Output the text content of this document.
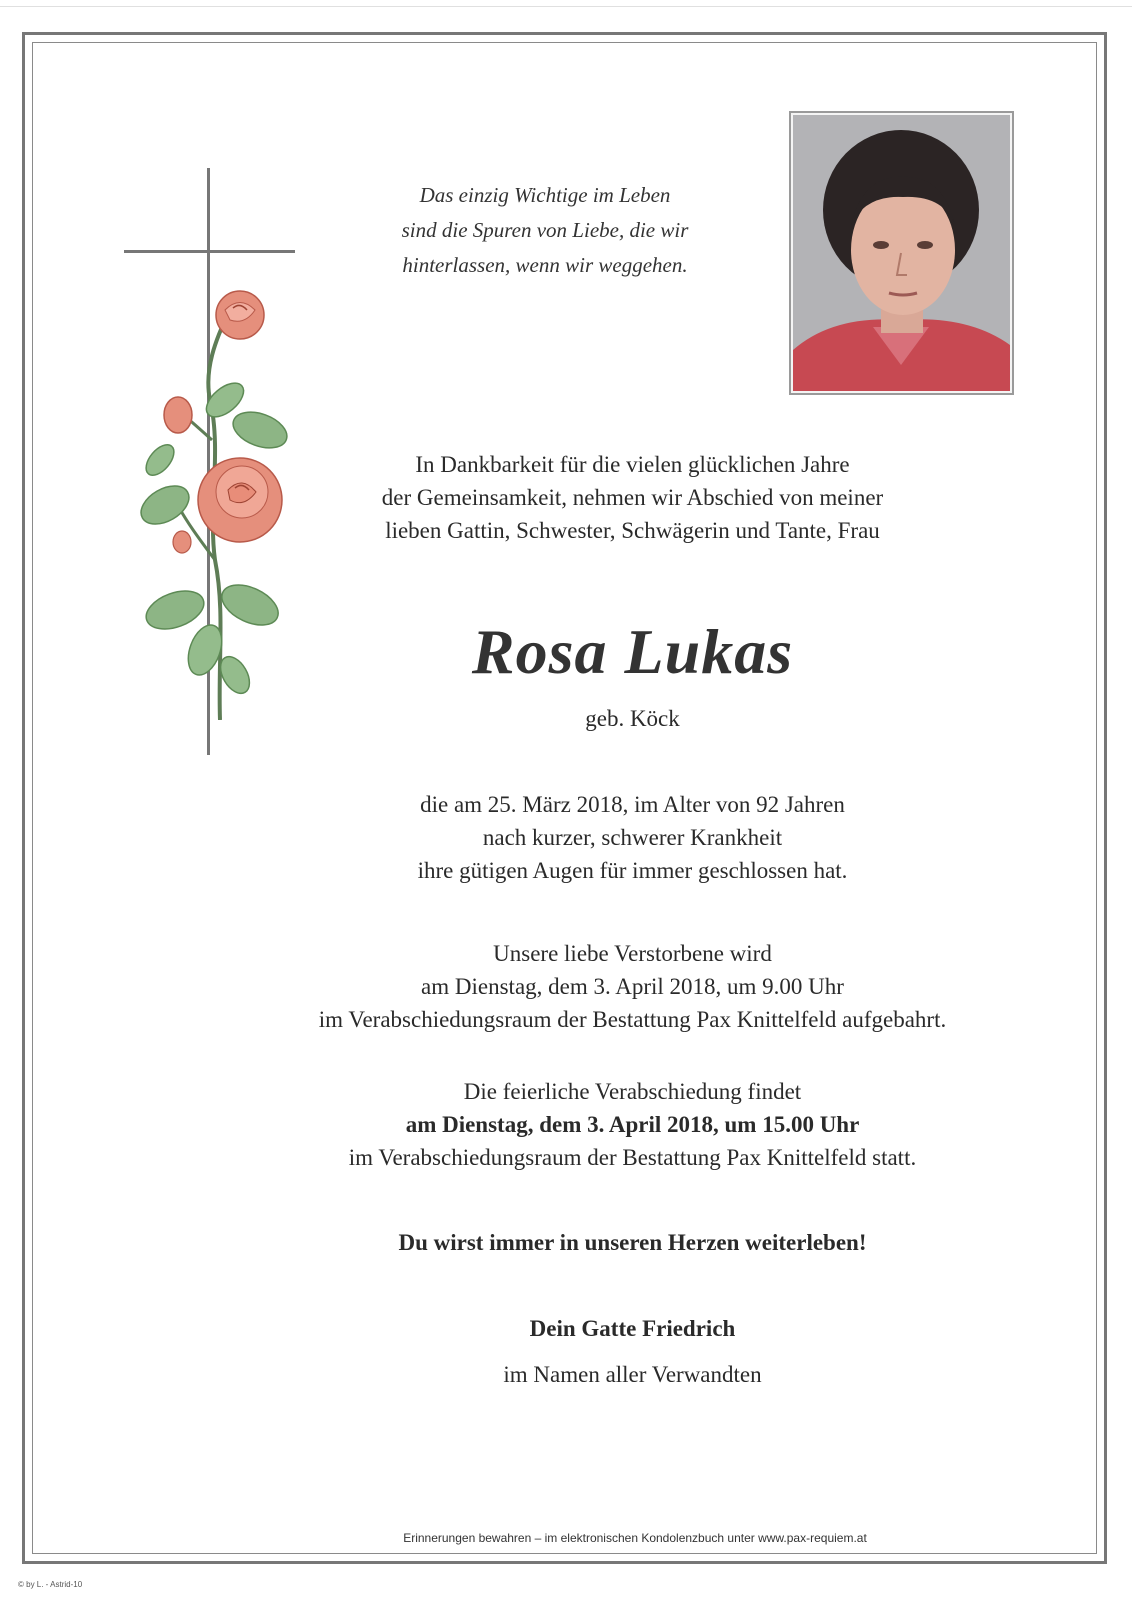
Das einzig Wichtige im Leben
sind die Spuren von Liebe, die wir
hinterlassen, wenn wir weggehen.
In Dankbarkeit für die vielen glücklichen Jahre
der Gemeinsamkeit, nehmen wir Abschied von meiner
lieben Gattin, Schwester, Schwägerin und Tante, Frau
Rosa Lukas
geb. Köck
die am 25. März 2018, im Alter von 92 Jahren
nach kurzer, schwerer Krankheit
ihre gütigen Augen für immer geschlossen hat.
Unsere liebe Verstorbene wird
am Dienstag, dem 3. April 2018, um 9.00 Uhr
im Verabschiedungsraum der Bestattung Pax Knittelfeld aufgebahrt.
Die feierliche Verabschiedung findet
am Dienstag, dem 3. April 2018, um 15.00 Uhr
im Verabschiedungsraum der Bestattung Pax Knittelfeld statt.
Du wirst immer in unseren Herzen weiterleben!
Dein Gatte Friedrich
im Namen aller Verwandten
Erinnerungen bewahren – im elektronischen Kondolenzbuch unter www.pax-requiem.at
© by L. - Astrid-10
